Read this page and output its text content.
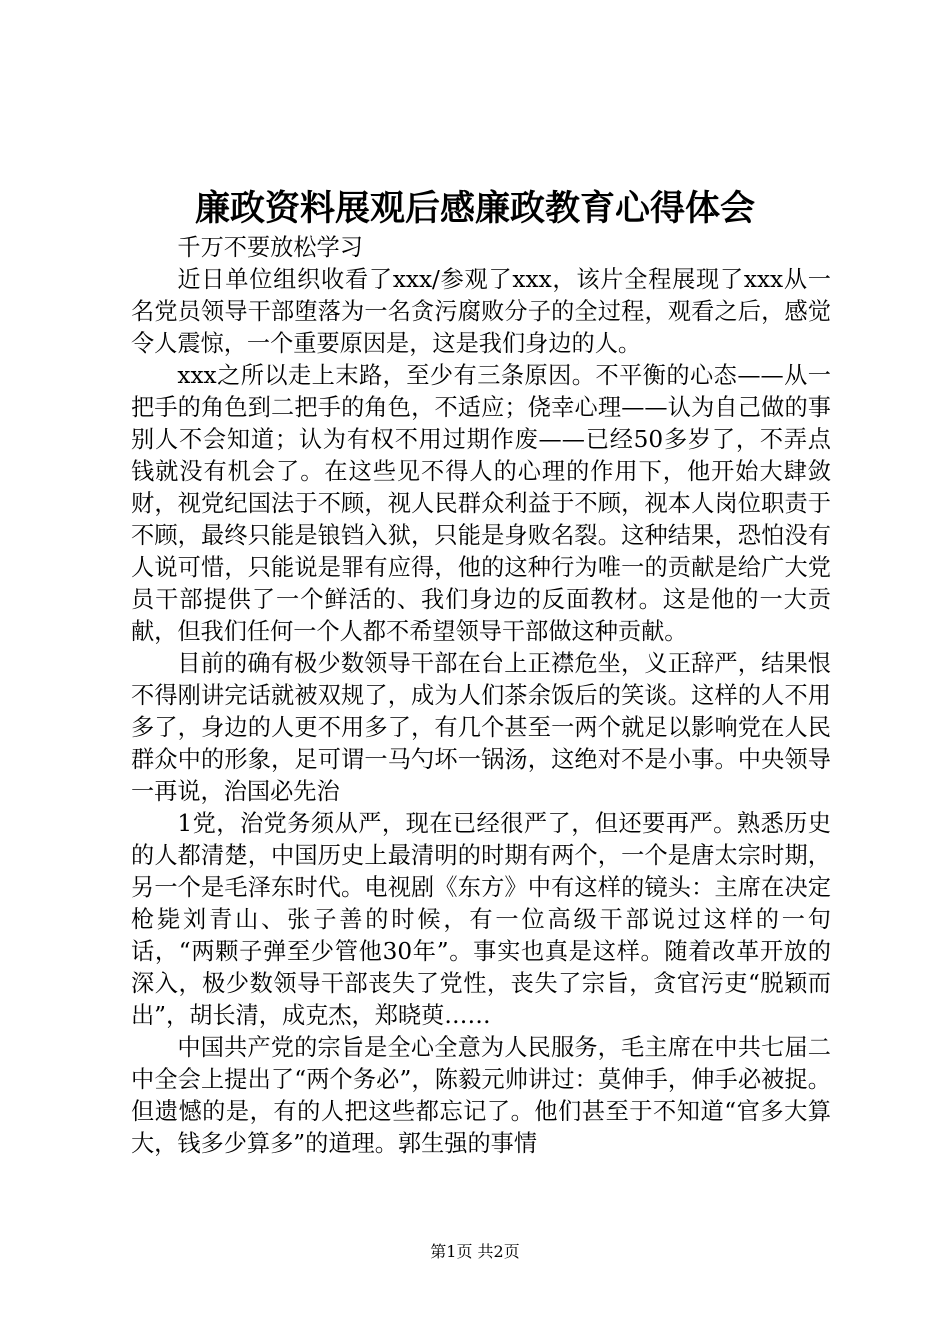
廉政资料展观后感廉政教育心得体会

千万不要放松学习

近日单位组织收看了xxx/参观了xxx，该片全程展现了xxx从一名党员领导干部堕落为一名贪污腐败分子的全过程，观看之后，感觉令人震惊，一个重要原因是，这是我们身边的人。

xxx之所以走上末路，至少有三条原因。不平衡的心态——从一把手的角色到二把手的角色，不适应；侥幸心理——认为自己做的事别人不会知道；认为有权不用过期作废——已经50多岁了，不弄点钱就没有机会了。在这些见不得人的心理的作用下，他开始大肆敛财，视党纪国法于不顾，视人民群众利益于不顾，视本人岗位职责于不顾，最终只能是锒铛入狱，只能是身败名裂。这种结果，恐怕没有人说可惜，只能说是罪有应得，他的这种行为唯一的贡献是给广大党员干部提供了一个鲜活的、我们身边的反面教材。这是他的一大贡献，但我们任何一个人都不希望领导干部做这种贡献。

目前的确有极少数领导干部在台上正襟危坐，义正辞严，结果恨不得刚讲完话就被双规了，成为人们茶余饭后的笑谈。这样的人不用多了，身边的人更不用多了，有几个甚至一两个就足以影响党在人民群众中的形象，足可谓一马勺坏一锅汤，这绝对不是小事。中央领导一再说，治国必先治

1党，治党务须从严，现在已经很严了，但还要再严。熟悉历史的人都清楚，中国历史上最清明的时期有两个，一个是唐太宗时期，另一个是毛泽东时代。电视剧《东方》中有这样的镜头：主席在决定枪毙刘青山、张子善的时候，有一位高级干部说过这样的一句话，“两颗子弹至少管他30年”。事实也真是这样。随着改革开放的深入，极少数领导干部丧失了党性，丧失了宗旨，贪官污吏“脱颖而出”，胡长清，成克杰，郑晓萸……

中国共产党的宗旨是全心全意为人民服务，毛主席在中共七届二中全会上提出了“两个务必”，陈毅元帅讲过：莫伸手，伸手必被捉。但遗憾的是，有的人把这些都忘记了。他们甚至于不知道“官多大算大，钱多少算多”的道理。郭生强的事情

第1页 共2页
